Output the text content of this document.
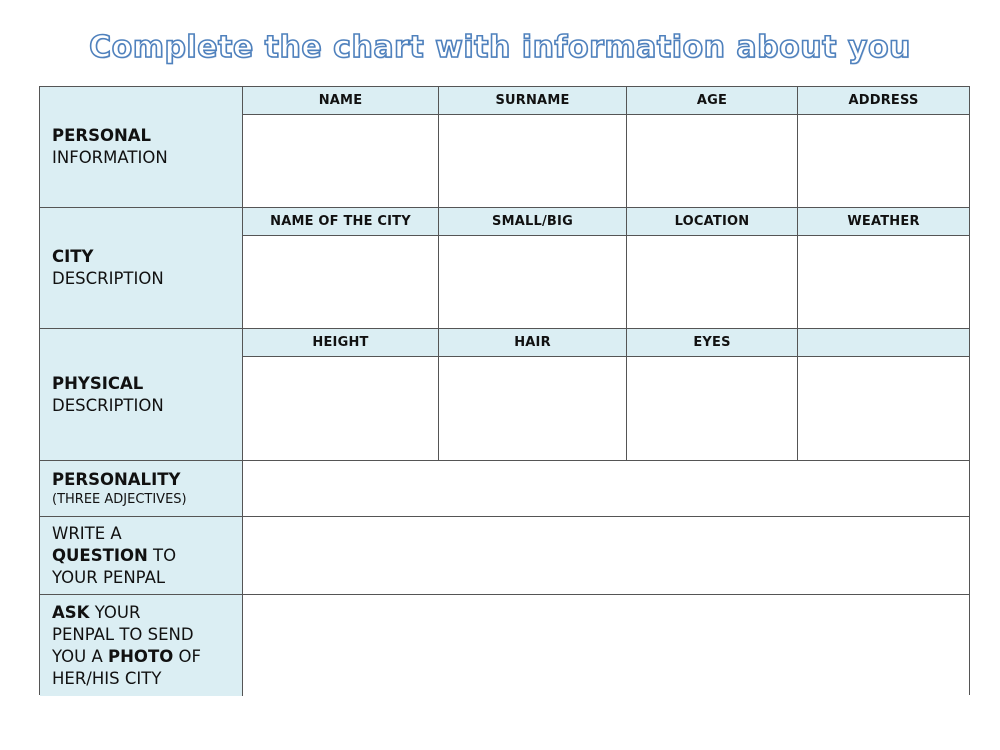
Complete the chart with information about you
PERSONAL
INFORMATION
NAME	SURNAME	AGE	ADDRESS
CITY
DESCRIPTION
NAME OF THE CITY	SMALL/BIG	LOCATION	WEATHER
PHYSICAL
DESCRIPTION
HEIGHT	HAIR	EYES
PERSONALITY
(THREE ADJECTIVES)
WRITE A
QUESTION TO
YOUR PENPAL
ASK YOUR
PENPAL TO SEND
YOU A PHOTO OF
HER/HIS CITY
